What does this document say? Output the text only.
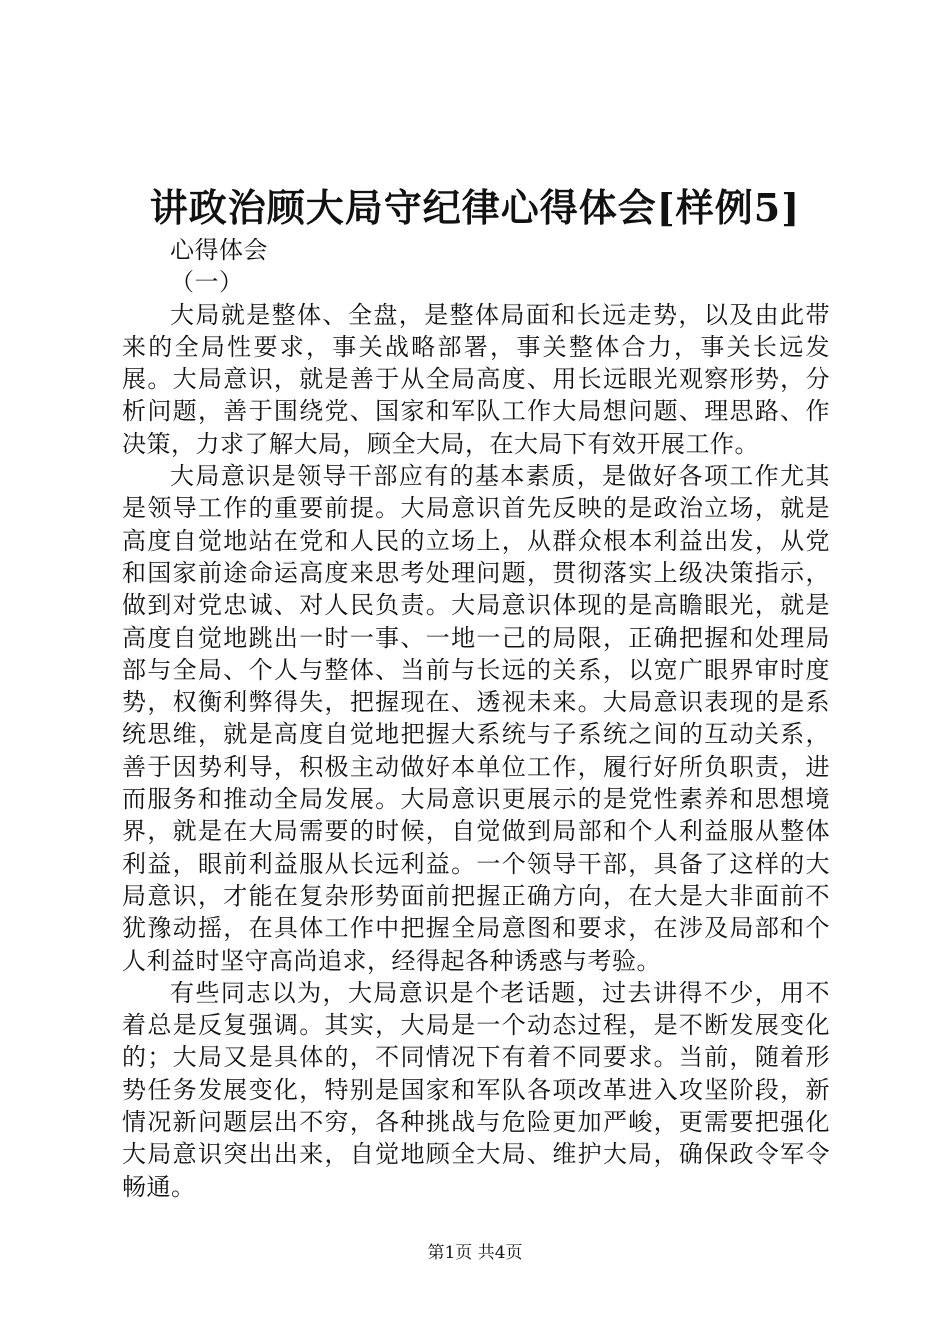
讲政治顾大局守纪律心得体会[样例5]

心得体会

（一）

大局就是整体、全盘，是整体局面和长远走势，以及由此带来的全局性要求，事关战略部署，事关整体合力，事关长远发展。大局意识，就是善于从全局高度、用长远眼光观察形势，分析问题，善于围绕党、国家和军队工作大局想问题、理思路、作决策，力求了解大局，顾全大局，在大局下有效开展工作。

大局意识是领导干部应有的基本素质，是做好各项工作尤其是领导工作的重要前提。大局意识首先反映的是政治立场，就是高度自觉地站在党和人民的立场上，从群众根本利益出发，从党和国家前途命运高度来思考处理问题，贯彻落实上级决策指示，做到对党忠诚、对人民负责。大局意识体现的是高瞻眼光，就是高度自觉地跳出一时一事、一地一己的局限，正确把握和处理局部与全局、个人与整体、当前与长远的关系，以宽广眼界审时度势，权衡利弊得失，把握现在、透视未来。大局意识表现的是系统思维，就是高度自觉地把握大系统与子系统之间的互动关系，善于因势利导，积极主动做好本单位工作，履行好所负职责，进而服务和推动全局发展。大局意识更展示的是党性素养和思想境界，就是在大局需要的时候，自觉做到局部和个人利益服从整体利益，眼前利益服从长远利益。一个领导干部，具备了这样的大局意识，才能在复杂形势面前把握正确方向，在大是大非面前不犹豫动摇，在具体工作中把握全局意图和要求，在涉及局部和个人利益时坚守高尚追求，经得起各种诱惑与考验。

有些同志以为，大局意识是个老话题，过去讲得不少，用不着总是反复强调。其实，大局是一个动态过程，是不断发展变化的；大局又是具体的，不同情况下有着不同要求。当前，随着形势任务发展变化，特别是国家和军队各项改革进入攻坚阶段，新情况新问题层出不穷，各种挑战与危险更加严峻，更需要把强化大局意识突出出来，自觉地顾全大局、维护大局，确保政令军令畅通。

第1页 共4页
